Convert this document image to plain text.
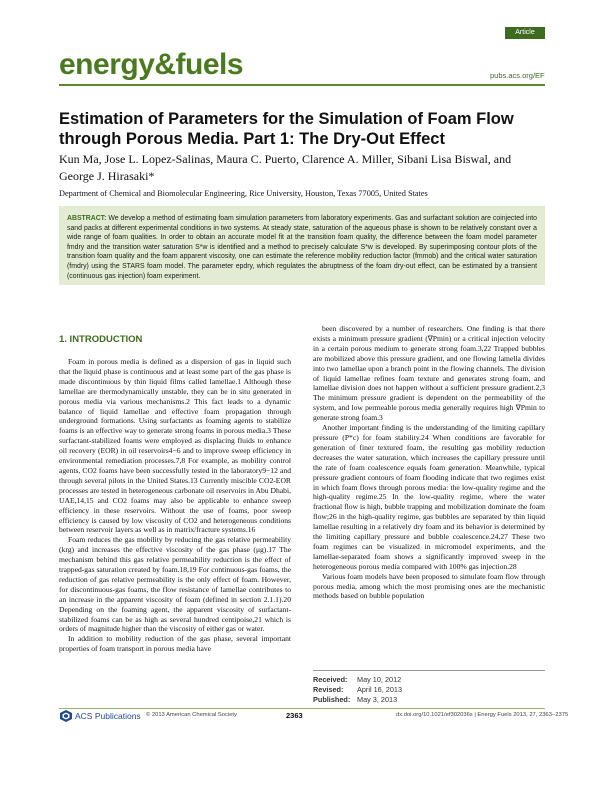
energy&fuels
Article
pubs.acs.org/EF
Estimation of Parameters for the Simulation of Foam Flow through Porous Media. Part 1: The Dry-Out Effect
Kun Ma, Jose L. Lopez-Salinas, Maura C. Puerto, Clarence A. Miller, Sibani Lisa Biswal, and George J. Hirasaki*
Department of Chemical and Biomolecular Engineering, Rice University, Houston, Texas 77005, United States
ABSTRACT: We develop a method of estimating foam simulation parameters from laboratory experiments. Gas and surfactant solution are coinjected into sand packs at different experimental conditions in two systems. At steady state, saturation of the aqueous phase is shown to be relatively constant over a wide range of foam qualities. In order to obtain an accurate model fit at the transition foam quality, the difference between the foam model parameter fmdry and the transition water saturation S*w is identified and a method to precisely calculate S*w is developed. By superimposing contour plots of the transition foam quality and the foam apparent viscosity, one can estimate the reference mobility reduction factor (fmmob) and the critical water saturation (fmdry) using the STARS foam model. The parameter epdry, which regulates the abruptness of the foam dry-out effect, can be estimated by a transient (continuous gas injection) foam experiment.
1. INTRODUCTION

Foam in porous media is defined as a dispersion of gas in liquid such that the liquid phase is continuous and at least some part of the gas phase is made discontinuous by thin liquid films called lamellae.1 Although these lamellae are thermodynamically unstable, they can be in situ generated in porous media via various mechanisms.2 This fact leads to a dynamic balance of liquid lamellae and effective foam propagation through underground formations. Using surfactants as foaming agents to stabilize foams is an effective way to generate strong foams in porous media.3 These surfactant-stabilized foams were employed as displacing fluids to enhance oil recovery (EOR) in oil reservoirs4−6 and to improve sweep efficiency in environmental remediation processes.7,8 For example, as mobility control agents, CO2 foams have been successfully tested in the laboratory9−12 and through several pilots in the United States.13 Currently miscible CO2-EOR processes are tested in heterogeneous carbonate oil reservoirs in Abu Dhabi, UAE,14,15 and CO2 foams may also be applicable to enhance sweep efficiency in these reservoirs. Without the use of foams, poor sweep efficiency is caused by low viscosity of CO2 and heterogeneous conditions between reservoir layers as well as in matrix/fracture systems.16

Foam reduces the gas mobility by reducing the gas relative permeability (krg) and increases the effective viscosity of the gas phase (μg).17 The mechanism behind this gas relative permeability reduction is the effect of trapped-gas saturation created by foam.18,19 For continuous-gas foams, the reduction of gas relative permeability is the only effect of foam. However, for discontinuous-gas foams, the flow resistance of lamellae contributes to an increase in the apparent viscosity of foam (defined in section 2.1.1).20 Depending on the foaming agent, the apparent viscosity of surfactant-stabilized foams can be as high as several hundred centipoise,21 which is orders of magnitude higher than the viscosity of either gas or water.

In addition to mobility reduction of the gas phase, several important properties of foam transport in porous media have

been discovered by a number of researchers. One finding is that there exists a minimum pressure gradient (∇Pmin) or a critical injection velocity in a certain porous medium to generate strong foam.3,22 Trapped bubbles are mobilized above this pressure gradient, and one flowing lamella divides into two lamellae upon a branch point in the flowing channels. The division of liquid lamellae refines foam texture and generates strong foam, and lamellae division does not happen without a sufficient pressure gradient.2,3 The minimum pressure gradient is dependent on the permeability of the system, and low permeable porous media generally requires high ∇Pmin to generate strong foam.3

Another important finding is the understanding of the limiting capillary pressure (P*c) for foam stability.24 When conditions are favorable for generation of finer textured foam, the resulting gas mobility reduction decreases the water saturation, which increases the capillary pressure until the rate of foam coalescence equals foam generation. Meanwhile, typical pressure gradient contours of foam flooding indicate that two regimes exist in which foam flows through porous media: the low-quality regime and the high-quality regime.25 In the low-quality regime, where the water fractional flow is high, bubble trapping and mobilization dominate the foam flow;26 in the high-quality regime, gas bubbles are separated by thin liquid lamellae resulting in a relatively dry foam and its behavior is determined by the limiting capillary pressure and bubble coalescence.24,27 These two foam regimes can be visualized in micromodel experiments, and the lamellae-separated foam shows a significantly improved sweep in the heterogeneous porous media compared with 100% gas injection.28

Various foam models have been proposed to simulate foam flow through porous media, among which the most promising ones are the mechanistic methods based on bubble population

Received:	May 10, 2012
Revised:	April 16, 2013
Published: May 3, 2013
ACS Publications © 2013 American Chemical Society	2363	dx.doi.org/10.1021/ef302036s | Energy Fuels 2013, 27, 2363−2375
